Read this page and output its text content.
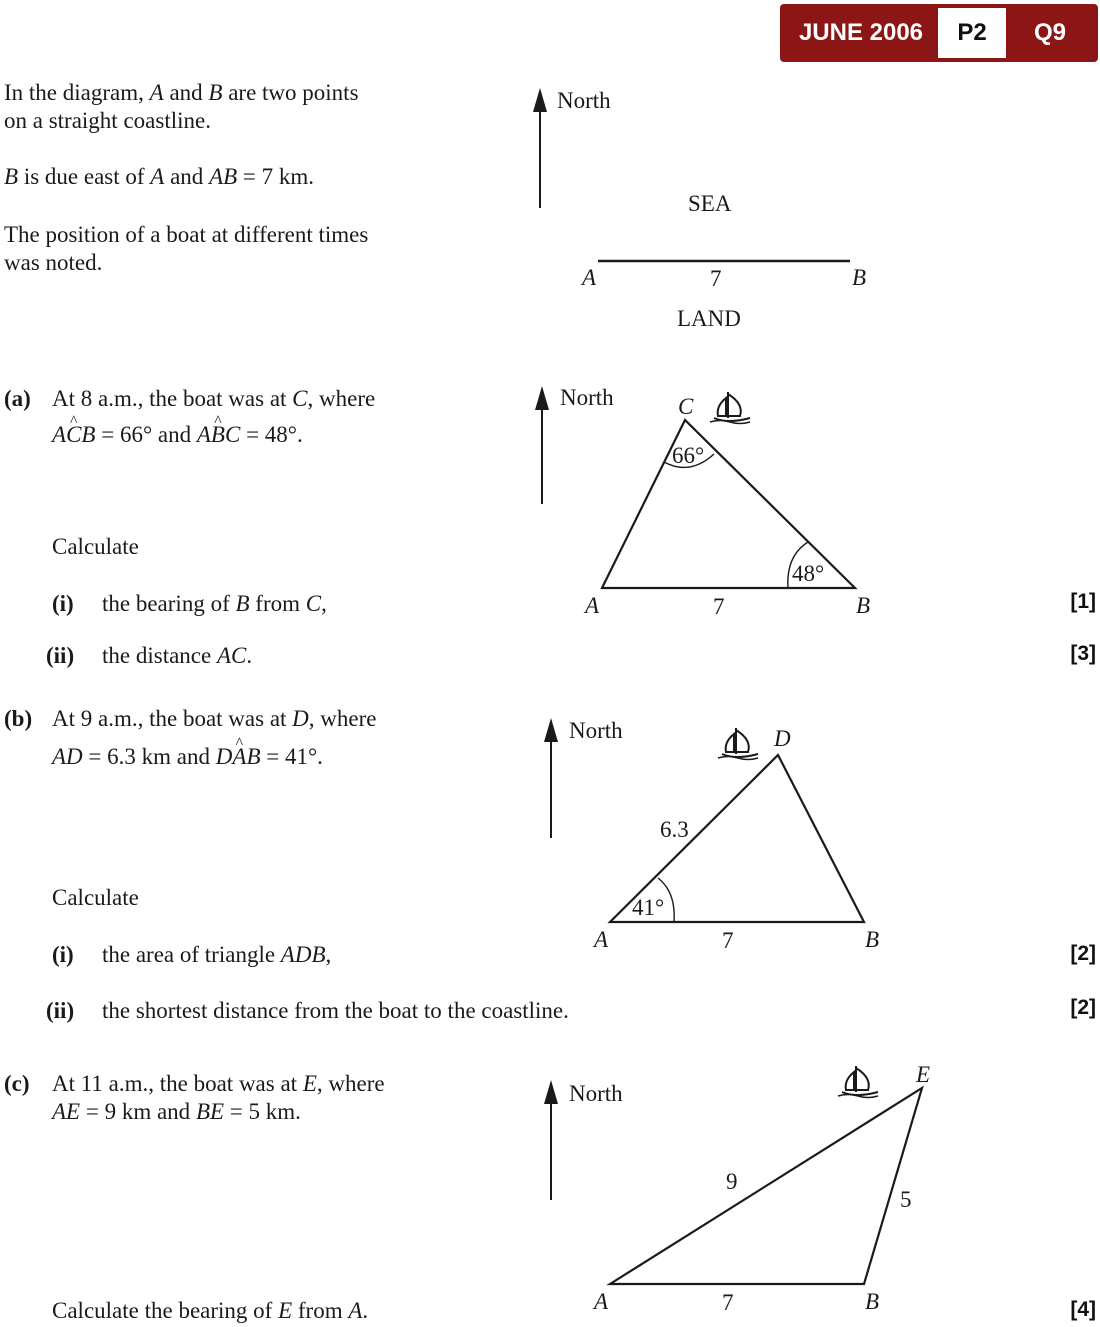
JUNE 2006	P2	Q9
In the diagram, A and B are two points
on a straight coastline.
B is due east of A and AB = 7 km.
The position of a boat at different times
was noted.
(a) At 8 a.m., the boat was at C, where
A^ CB = 66° and A^ BC = 48°.
Calculate
(i) the bearing of B from C,
(ii) the distance AC.
[1]
[3]
(b) At 9 a.m., the boat was at D, where
AD = 6.3 km and D^ AB = 41°.
Calculate
(i) the area of triangle ADB,
(ii) the shortest distance from the boat to the coastline.
[2]
[2]
(c) At 11 a.m., the boat was at E, where
AE = 9 km and BE = 5 km.
Calculate the bearing of E from A.	[4]
North
SEA
A	7	B
LAND
North
66°
48°
C
A	7	B
North
41°
6.3
D
A	7	B
North
9
5
E
A	7	B
